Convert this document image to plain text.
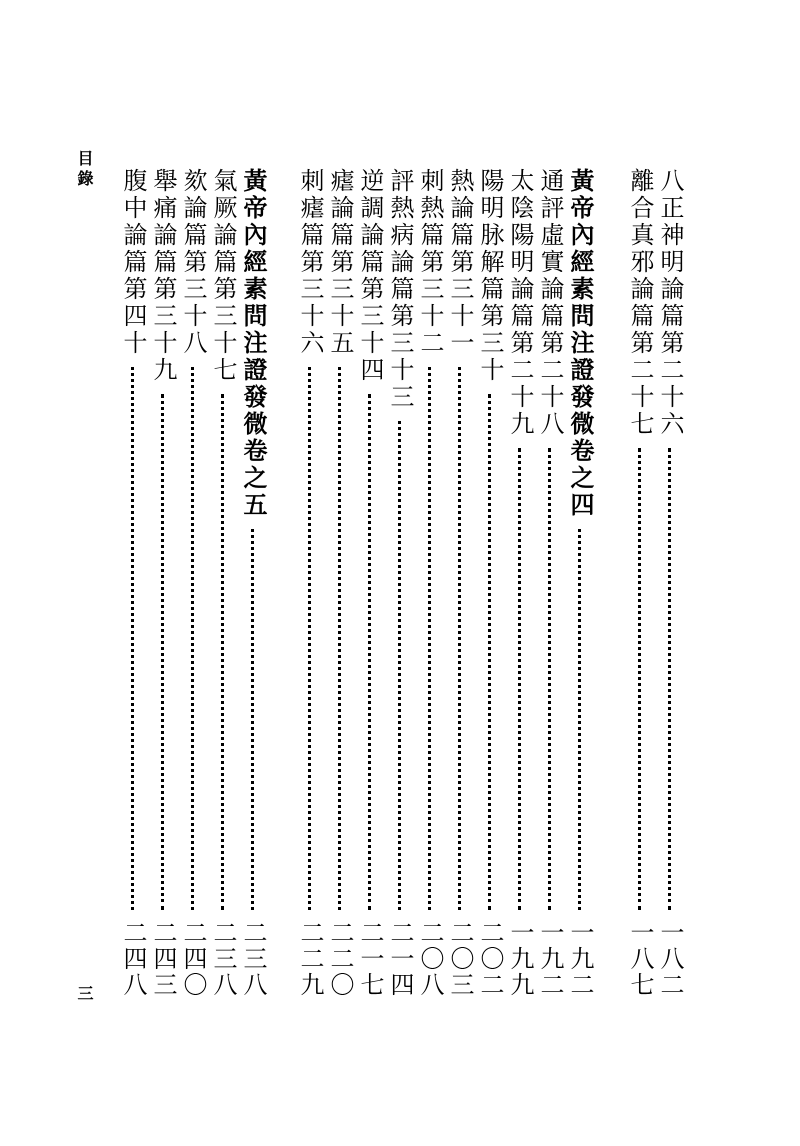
八正神明論篇第二十六
一八二
離合真邪論篇第二十七
一八七
黃帝內經素問注證發微卷之四
一九二
通評虛實論篇第二十八
一九二
太陰陽明論篇第二十九
一九九
陽明脉解篇第三十
二〇二
熱論篇第三十一
二〇三
刺熱篇第三十二
二〇八
評熱病論篇第三十三
二一四
逆調論篇第三十四
二一七
瘧論篇第三十五
二二〇
刺瘧篇第三十六
二二九
黃帝內經素問注證發微卷之五
二三八
氣厥論篇第三十七
二三八
欬論篇第三十八
二四〇
舉痛論篇第三十九
二四三
腹中論篇第四十
二四八
目錄
三
